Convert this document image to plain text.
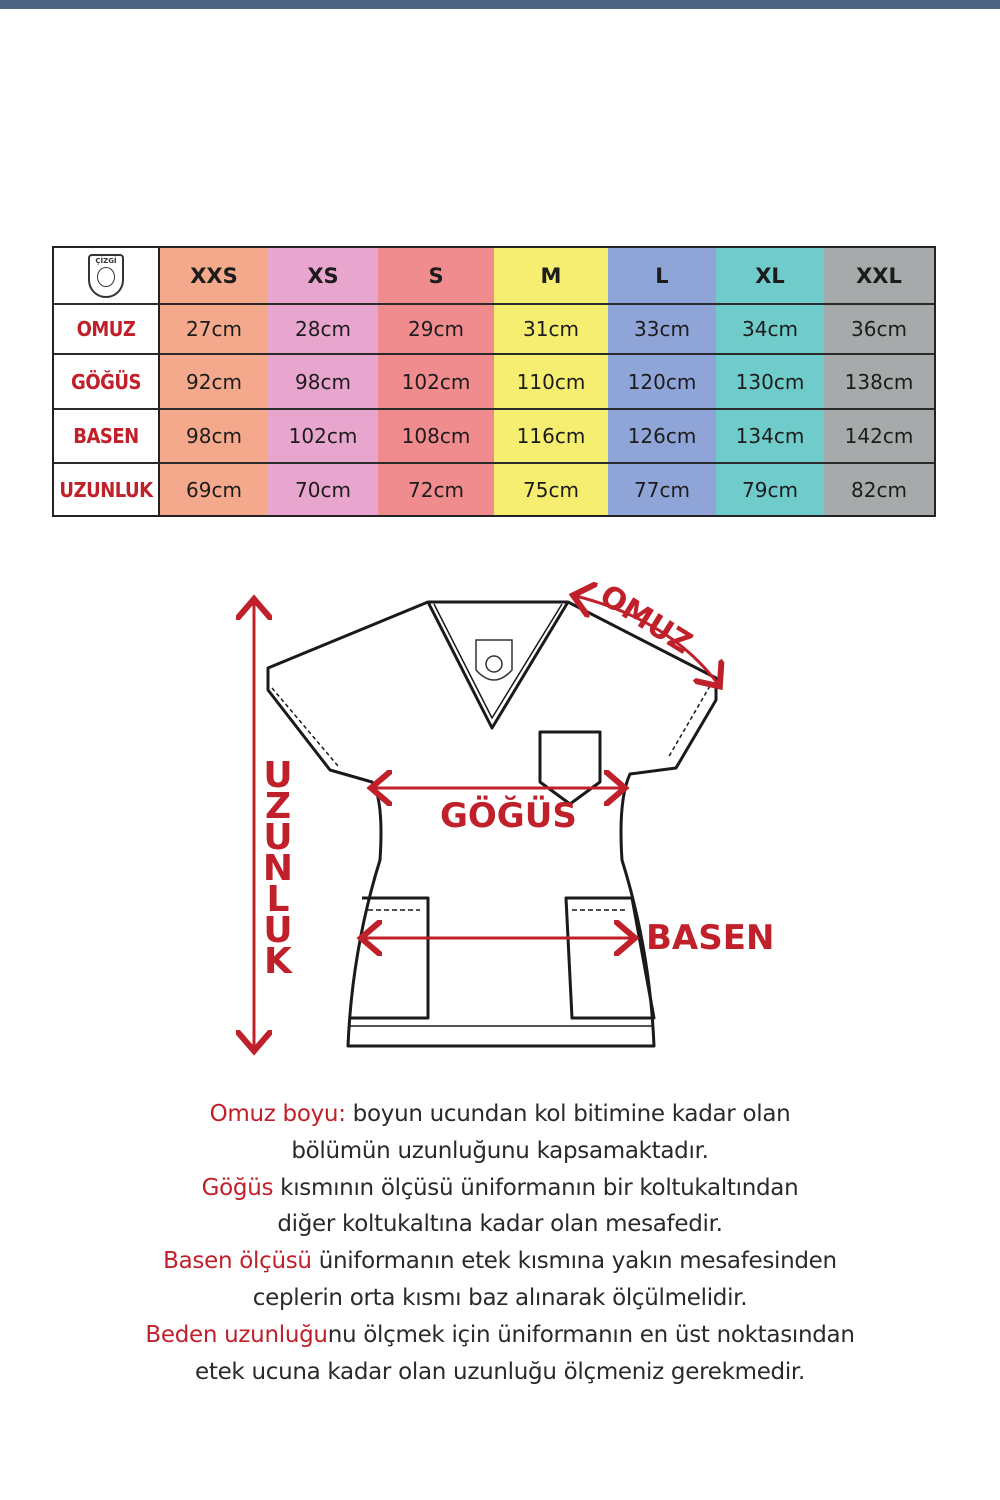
ÇİZGİ
XXS	XS	S	M	L	XL	XXL
OMUZ	27cm	28cm	29cm	31cm	33cm	34cm	36cm
GÖĞÜS	92cm	98cm	102cm	110cm	120cm	130cm	138cm
BASEN	98cm	102cm	108cm	116cm	126cm	134cm	142cm
UZUNLUK	69cm	70cm	72cm	75cm	77cm	79cm	82cm
OMUZ
GÖĞÜS
BASEN
U
Z
U
N
L
U
K
Omuz boyu: boyun ucundan kol bitimine kadar olan
bölümün uzunluğunu kapsamaktadır.
Göğüs kısmının ölçüsü üniformanın bir koltukaltından
diğer koltukaltına kadar olan mesafedir.
Basen ölçüsü üniformanın etek kısmına yakın mesafesinden
ceplerin orta kısmı baz alınarak ölçülmelidir.
Beden uzunluğunu ölçmek için üniformanın en üst noktasından
etek ucuna kadar olan uzunluğu ölçmeniz gerekmedir.
